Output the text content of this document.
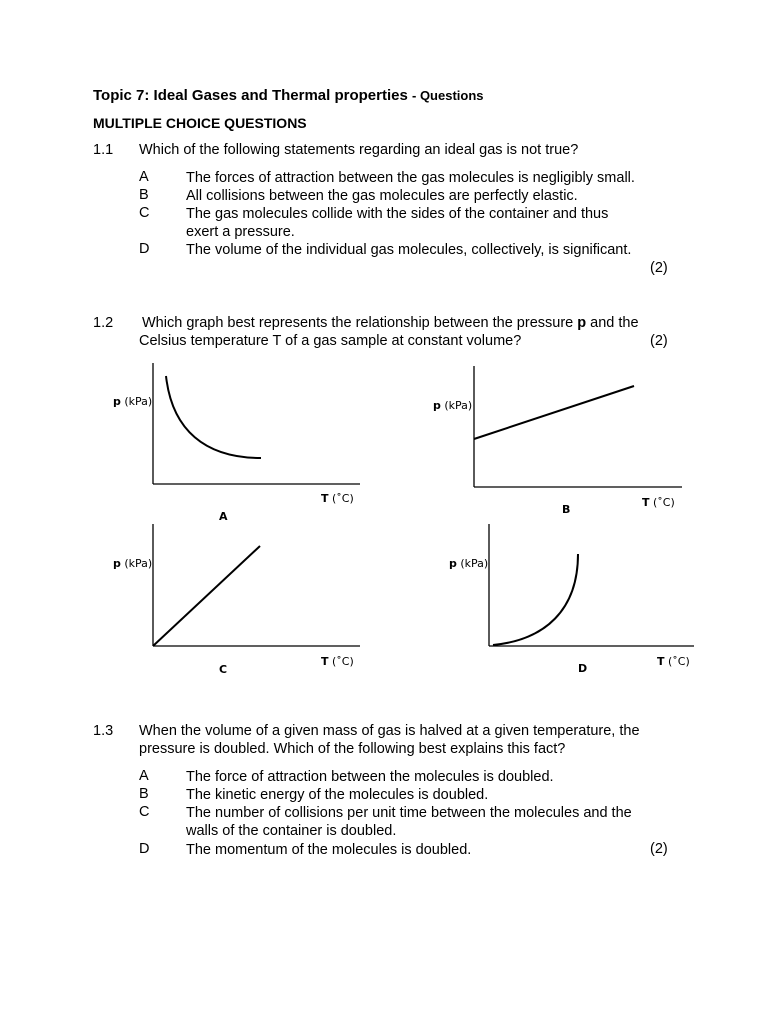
Topic 7: Ideal Gases and Thermal properties - Questions
MULTIPLE CHOICE QUESTIONS
1.1 Which of the following statements regarding an ideal gas is not true?
A	The forces of attraction between the gas molecules is negligibly small.
B	All collisions between the gas molecules are perfectly elastic.
C	The gas molecules collide with the sides of the container and thus
exert a pressure.
D	The volume of the individual gas molecules, collectively, is significant.
(2)
1.2 Which graph best represents the relationship between the pressure p and the
Celsius temperature T of a gas sample at constant volume?	(2)
p (kPa)
T (˚C)
A
p (kPa)
T (˚C)
B
p (kPa)
T (˚C)
C
p (kPa)
T (˚C)
D
1.3 When the volume of a given mass of gas is halved at a given temperature, the
pressure is doubled. Which of the following best explains this fact?
A	The force of attraction between the molecules is doubled.
B	The kinetic energy of the molecules is doubled.
C	The number of collisions per unit time between the molecules and the
walls of the container is doubled.
D	The momentum of the molecules is doubled.	(2)
